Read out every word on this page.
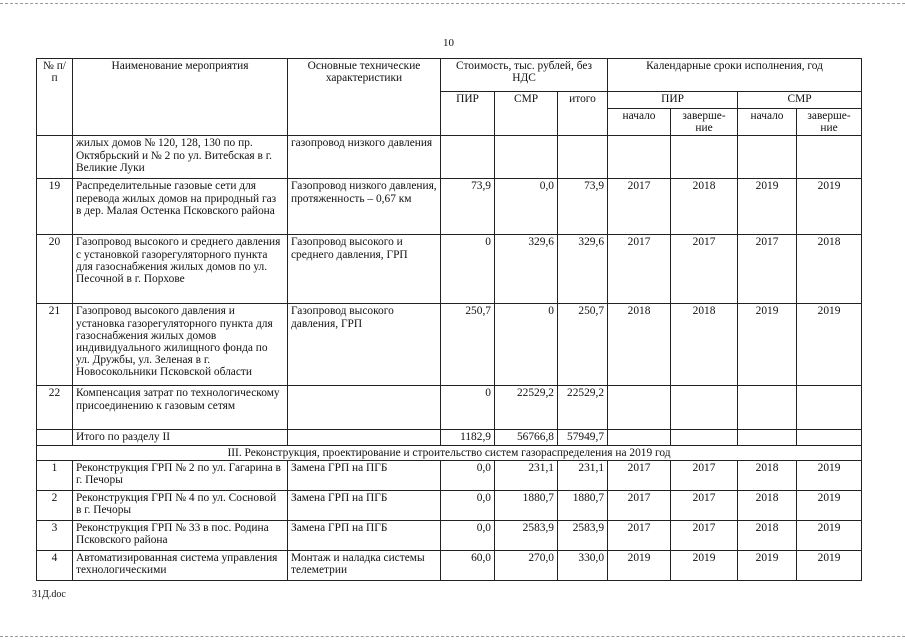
10
№ п/п	Наименование мероприятия	Основные технические характеристики	Стоимость, тыс. рублей, без НДС			Календарные сроки исполнения, год			
			ПИР	СМР	итого	ПИР		СМР	
						начало	заверше-ние	начало	заверше-ние
	жилых домов № 120, 128, 130 по пр. Октябрьский и № 2 по ул. Витебская в г. Великие Луки	газопровод низкого давления							
19	Распределительные газовые сети для перевода жилых домов на природный газ в дер. Малая Остенка Псковского района	Газопровод низкого давления, протяженность – 0,67 км	73,9	0,0	73,9	2017	2018	2019	2019
20	Газопровод высокого и среднего давления с установкой газорегуляторного пункта для газоснабжения жилых домов по ул. Песочной в г. Порхове	Газопровод высокого и среднего давления, ГРП	0	329,6	329,6	2017	2017	2017	2018
21	Газопровод высокого давления и установка газорегуляторного пункта для газоснабжения жилых домов индивидуального жилищного фонда по ул. Дружбы, ул. Зеленая в г. Новосокольники Псковской области	Газопровод высокого давления, ГРП	250,7	0	250,7	2018	2018	2019	2019
22	Компенсация затрат по технологическому присоединению к газовым сетям		0	22529,2	22529,2				
	Итого по разделу II		1182,9	56766,8	57949,7				
III. Реконструкция, проектирование и строительство систем газораспределения на 2019 год									
1	Реконструкция ГРП № 2 по ул. Гагарина в г. Печоры	Замена ГРП на ПГБ	0,0	231,1	231,1	2017	2017	2018	2019
2	Реконструкция ГРП № 4 по ул. Сосновой в г. Печоры	Замена ГРП на ПГБ	0,0	1880,7	1880,7	2017	2017	2018	2019
3	Реконструкция ГРП № 33 в пос. Родина Псковского района	Замена ГРП на ПГБ	0,0	2583,9	2583,9	2017	2017	2018	2019
4	Автоматизированная система управления технологическими	Монтаж и наладка системы телеметрии	60,0	270,0	330,0	2019	2019	2019	2019
31Д.doc
